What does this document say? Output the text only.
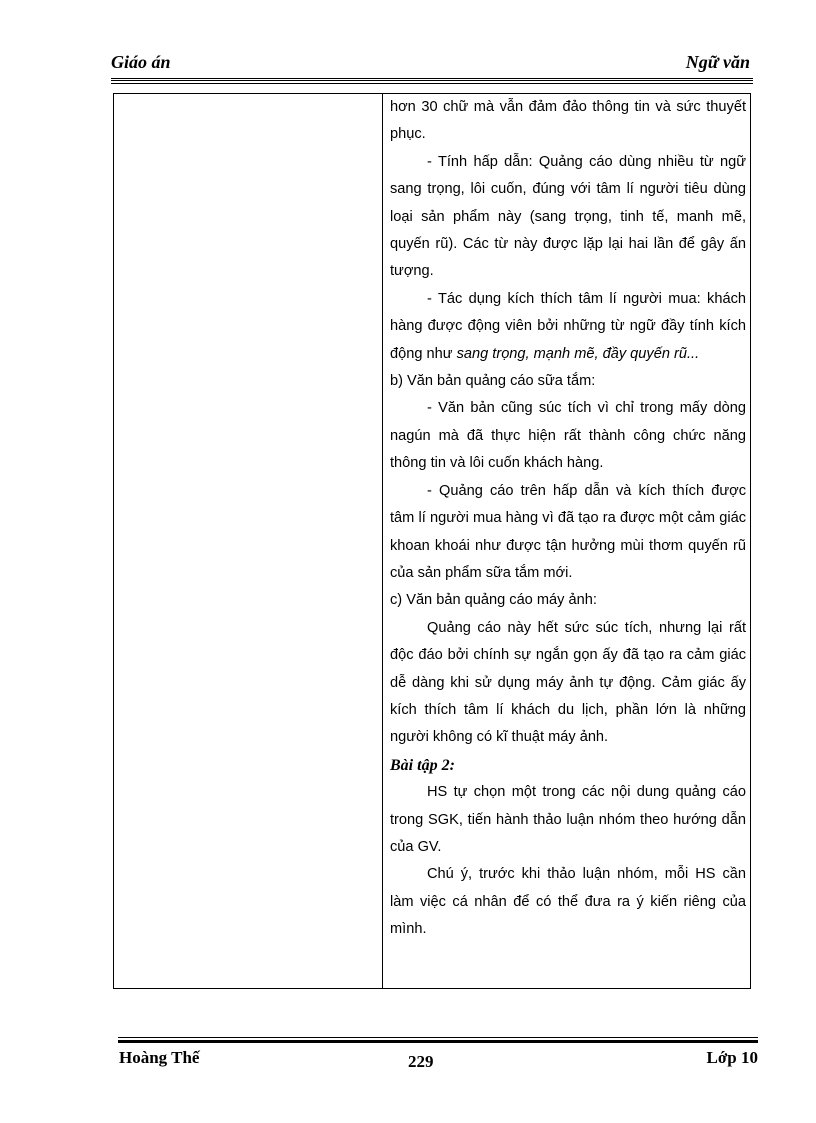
Giáo án	Ngữ văn

hơn 30 chữ mà vẫn đảm đảo thông tin và sức thuyết phục.

- Tính hấp dẫn: Quảng cáo dùng nhiều từ ngữ sang trọng, lôi cuốn, đúng với tâm lí người tiêu dùng loại sản phẩm này (sang trọng, tinh tế, manh mẽ, quyến rũ). Các từ này được lặp lại hai lần để gây ấn tượng.

- Tác dụng kích thích tâm lí người mua: khách hàng được động viên bởi những từ ngữ đầy tính kích động như sang trọng, mạnh mẽ, đầy quyến rũ...

b) Văn bản quảng cáo sữa tắm:

- Văn bản cũng súc tích vì chỉ trong mấy dòng nagún mà đã thực hiện rất thành công chức năng thông tin và lôi cuốn khách hàng.

- Quảng cáo trên hấp dẫn và kích thích được tâm lí người mua hàng vì đã tạo ra được một cảm giác khoan khoái như được tận hưởng mùi thơm quyến rũ của sản phẩm sữa tắm mới.

c) Văn bản quảng cáo máy ảnh:

Quảng cáo này hết sức súc tích, nhưng lại rất độc đáo bởi chính sự ngắn gọn ấy đã tạo ra cảm giác dễ dàng khi sử dụng máy ảnh tự động. Cảm giác ấy kích thích tâm lí khách du lịch, phần lớn là những người không có kĩ thuật máy ảnh.

Bài tập 2:

HS tự chọn một trong các nội dung quảng cáo trong SGK, tiến hành thảo luận nhóm theo hướng dẫn của GV.

Chú ý, trước khi thảo luận nhóm, mỗi HS cần làm việc cá nhân để có thể đưa ra ý kiến riêng của mình.

Hoàng Thế	229	Lớp 10
